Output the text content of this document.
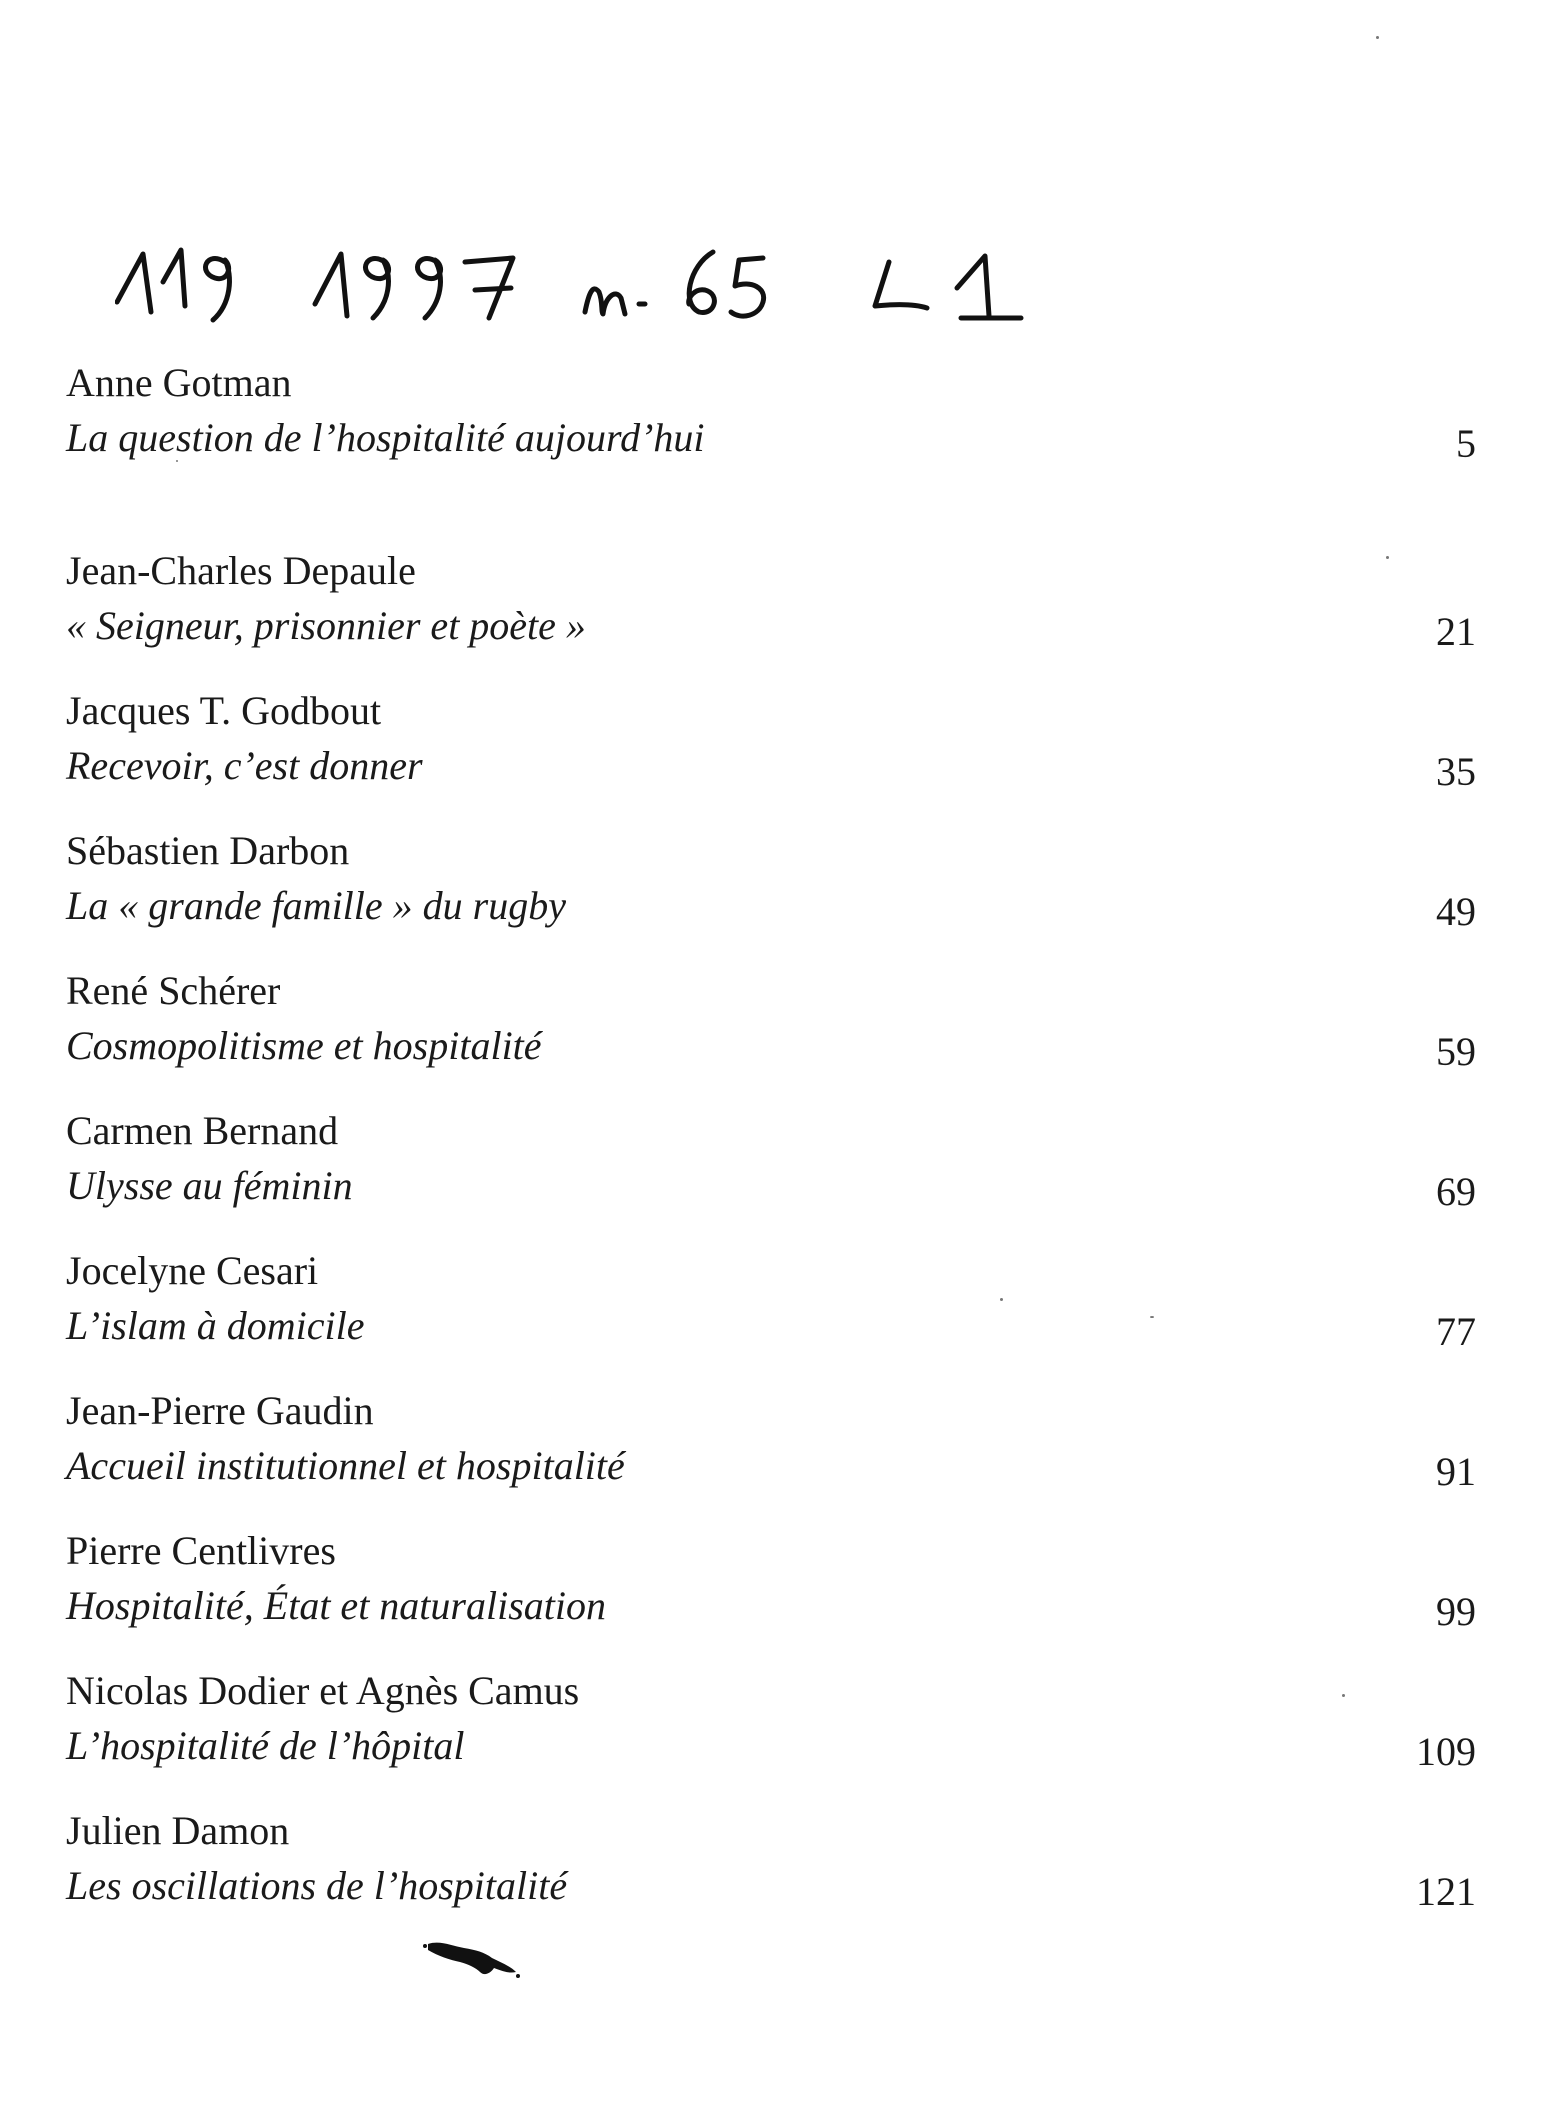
Anne Gotman
La question de l’hospitalité aujourd’hui	5
Jean-Charles Depaule
« Seigneur, prisonnier et poète »	21
Jacques T. Godbout
Recevoir, c’est donner	35
Sébastien Darbon
La « grande famille » du rugby	49
René Schérer
Cosmopolitisme et hospitalité	59
Carmen Bernand
Ulysse au féminin	69
Jocelyne Cesari
L’islam à domicile	77
Jean-Pierre Gaudin
Accueil institutionnel et hospitalité	91
Pierre Centlivres
Hospitalité, État et naturalisation	99
Nicolas Dodier et Agnès Camus
L’hospitalité de l’hôpital	109
Julien Damon
Les oscillations de l’hospitalité	121
